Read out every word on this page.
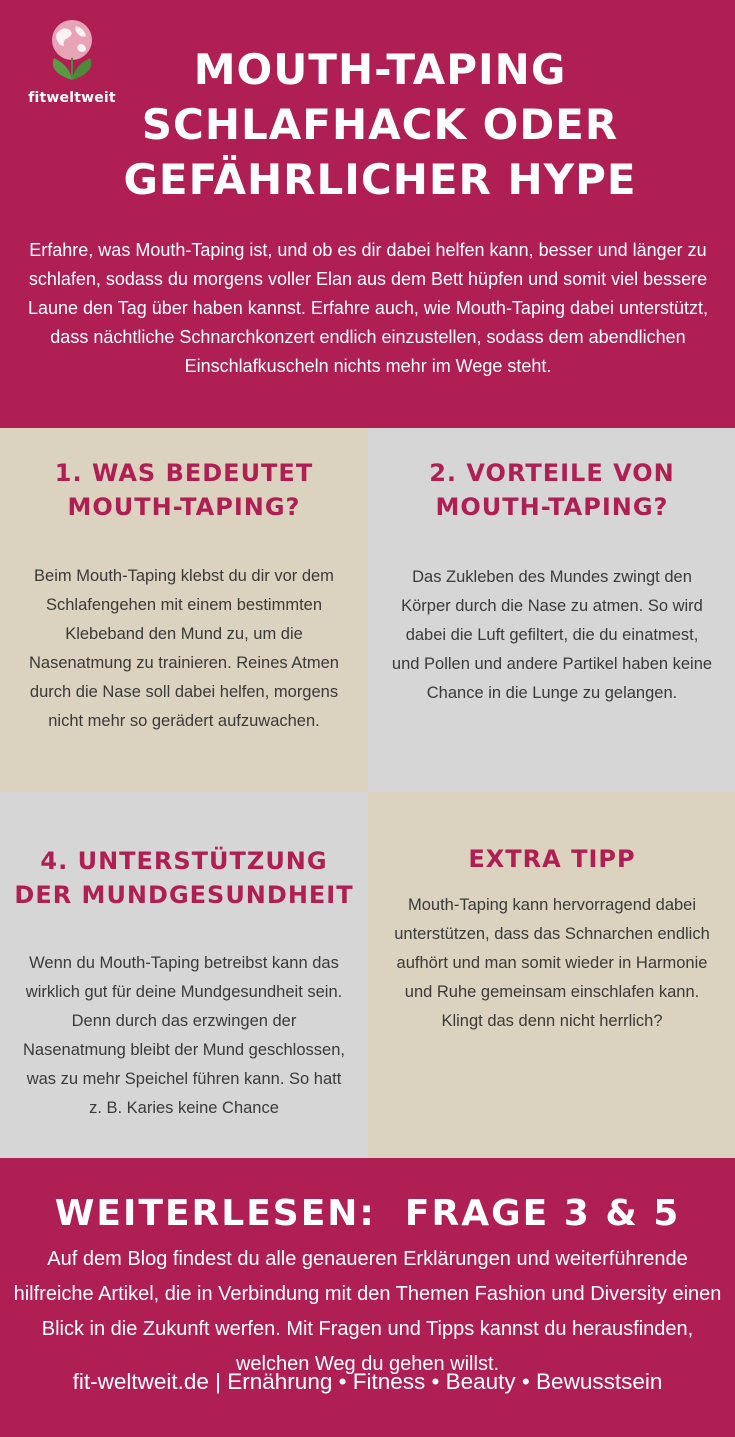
fitweltweit
MOUTH-TAPING
SCHLAFHACK ODER
GEFÄHRLICHER HYPE
Erfahre, was Mouth-Taping ist, und ob es dir dabei helfen kann, besser und länger zu schlafen, sodass du morgens voller Elan aus dem Bett hüpfen und somit viel bessere Laune den Tag über haben kannst. Erfahre auch, wie Mouth-Taping dabei unterstützt, dass nächtliche Schnarchkonzert endlich einzustellen, sodass dem abendlichen Einschlafkuscheln nichts mehr im Wege steht.
1. WAS BEDEUTET
MOUTH-TAPING?
Beim Mouth-Taping klebst du dir vor dem Schlafengehen mit einem bestimmten Klebeband den Mund zu, um die Nasenatmung zu trainieren. Reines Atmen durch die Nase soll dabei helfen, morgens nicht mehr so gerädert aufzuwachen.
2. VORTEILE VON
MOUTH-TAPING?
Das Zukleben des Mundes zwingt den Körper durch die Nase zu atmen. So wird dabei die Luft gefiltert, die du einatmest, und Pollen und andere Partikel haben keine Chance in die Lunge zu gelangen.
4. UNTERSTÜTZUNG
DER MUNDGESUNDHEIT
Wenn du Mouth-Taping betreibst kann das wirklich gut für deine Mundgesundheit sein. Denn durch das erzwingen der Nasenatmung bleibt der Mund geschlossen, was zu mehr Speichel führen kann. So hatt z. B. Karies keine Chance
EXTRA TIPP
Mouth-Taping kann hervorragend dabei unterstützen, dass das Schnarchen endlich aufhört und man somit wieder in Harmonie und Ruhe gemeinsam einschlafen kann. Klingt das denn nicht herrlich?
WEITERLESEN:  FRAGE 3 & 5
Auf dem Blog findest du alle genaueren Erklärungen und weiterführende hilfreiche Artikel, die in Verbindung mit den Themen Fashion und Diversity einen Blick in die Zukunft werfen. Mit Fragen und Tipps kannst du herausfinden, welchen Weg du gehen willst.
fit-weltweit.de | Ernährung • Fitness • Beauty • Bewusstsein
